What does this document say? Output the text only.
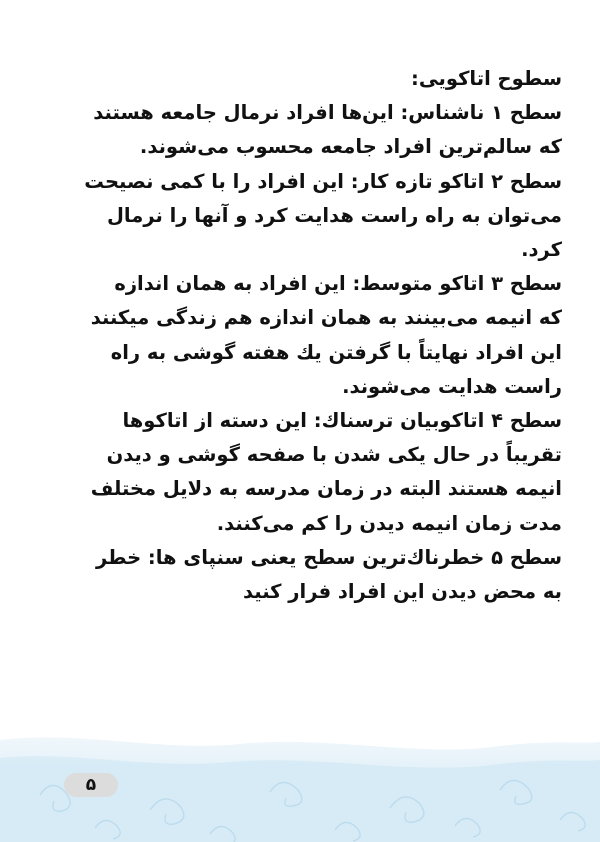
سطوح اتاکویی:
سطح ۱ ناشناس: این‌ها افراد نرمال جامعه هستند
که سالم‌ترین افراد جامعه محسوب می‌شوند.
سطح ۲ اتاکو تازه کار: این افراد را با کمی نصیحت
می‌توان به راه راست هدایت کرد و آنها را نرمال
کرد.
سطح ۳ اتاکو متوسط: این افراد به همان اندازه
که انیمه می‌بینند به همان اندازه هم زندگی میکنند
این افراد نهایتاً با گرفتن یك هفته گوشی به راه
راست هدایت می‌شوند.
سطح ۴ اتاکوبیان ترسناك: این دسته از اتاکوها
تقریباً در حال یکی شدن با صفحه گوشی و دیدن
انیمه هستند البته در زمان مدرسه به دلایل مختلف
مدت زمان انیمه دیدن را کم می‌کنند.
سطح ۵ خطرناك‌ترین سطح یعنی سنپای ها: خطر
به محض دیدن این افراد فرار کنید
۵
